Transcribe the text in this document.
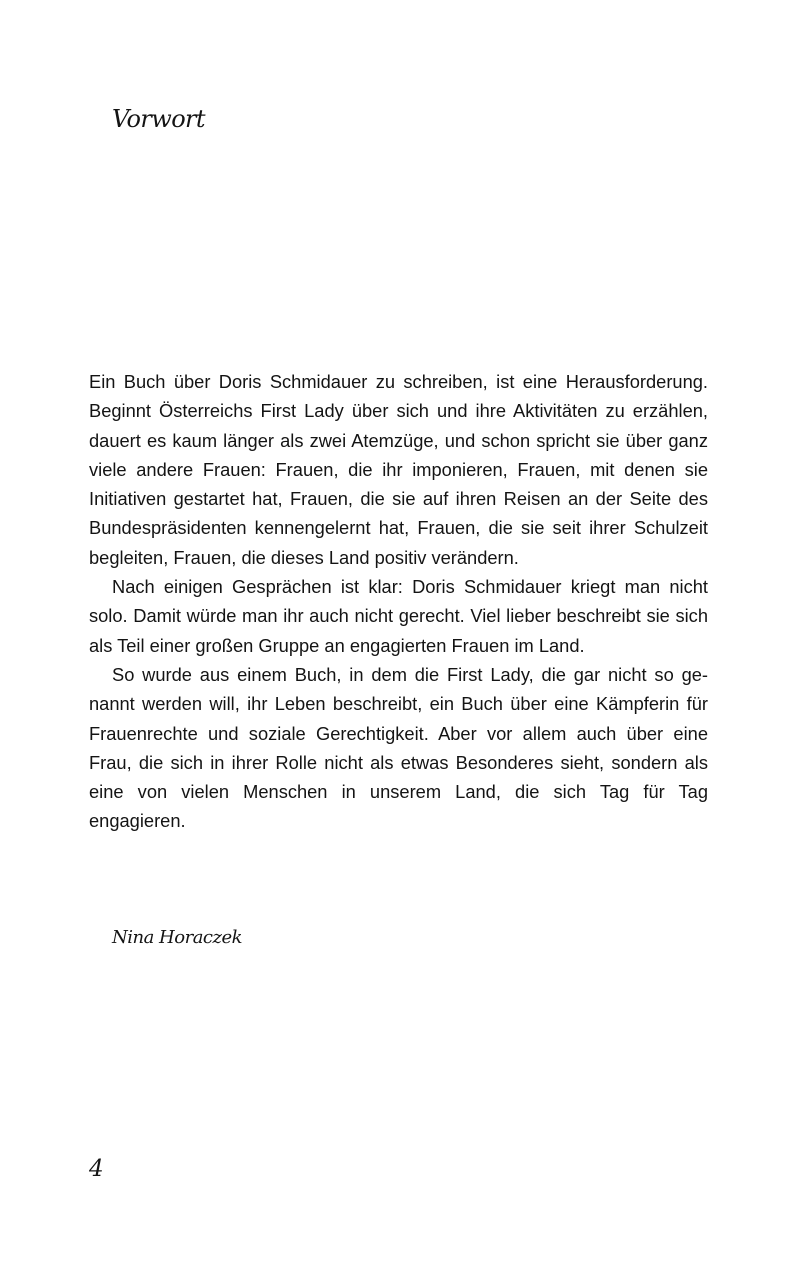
Vorwort

Ein Buch über Doris Schmidauer zu schreiben, ist eine Herausforderung. Beginnt Österreichs First Lady über sich und ihre Aktivitäten zu erzählen, dauert es kaum länger als zwei Atemzüge, und schon spricht sie über ganz viele andere Frauen: Frauen, die ihr imponieren, Frauen, mit denen sie Initiativen gestartet hat, Frauen, die sie auf ihren Reisen an der Seite des Bundespräsidenten kennengelernt hat, Frauen, die sie seit ihrer Schulzeit begleiten, Frauen, die dieses Land positiv verändern.

Nach einigen Gesprächen ist klar: Doris Schmidauer kriegt man nicht solo. Damit würde man ihr auch nicht gerecht. Viel lieber beschreibt sie sich als Teil einer großen Gruppe an engagierten Frauen im Land.

So wurde aus einem Buch, in dem die First Lady, die gar nicht so genannt werden will, ihr Leben beschreibt, ein Buch über eine Kämpferin für Frauenrechte und soziale Gerechtigkeit. Aber vor allem auch über eine Frau, die sich in ihrer Rolle nicht als etwas Besonderes sieht, sondern als eine von vielen Menschen in unserem Land, die sich Tag für Tag engagieren.

Nina Horaczek

4
